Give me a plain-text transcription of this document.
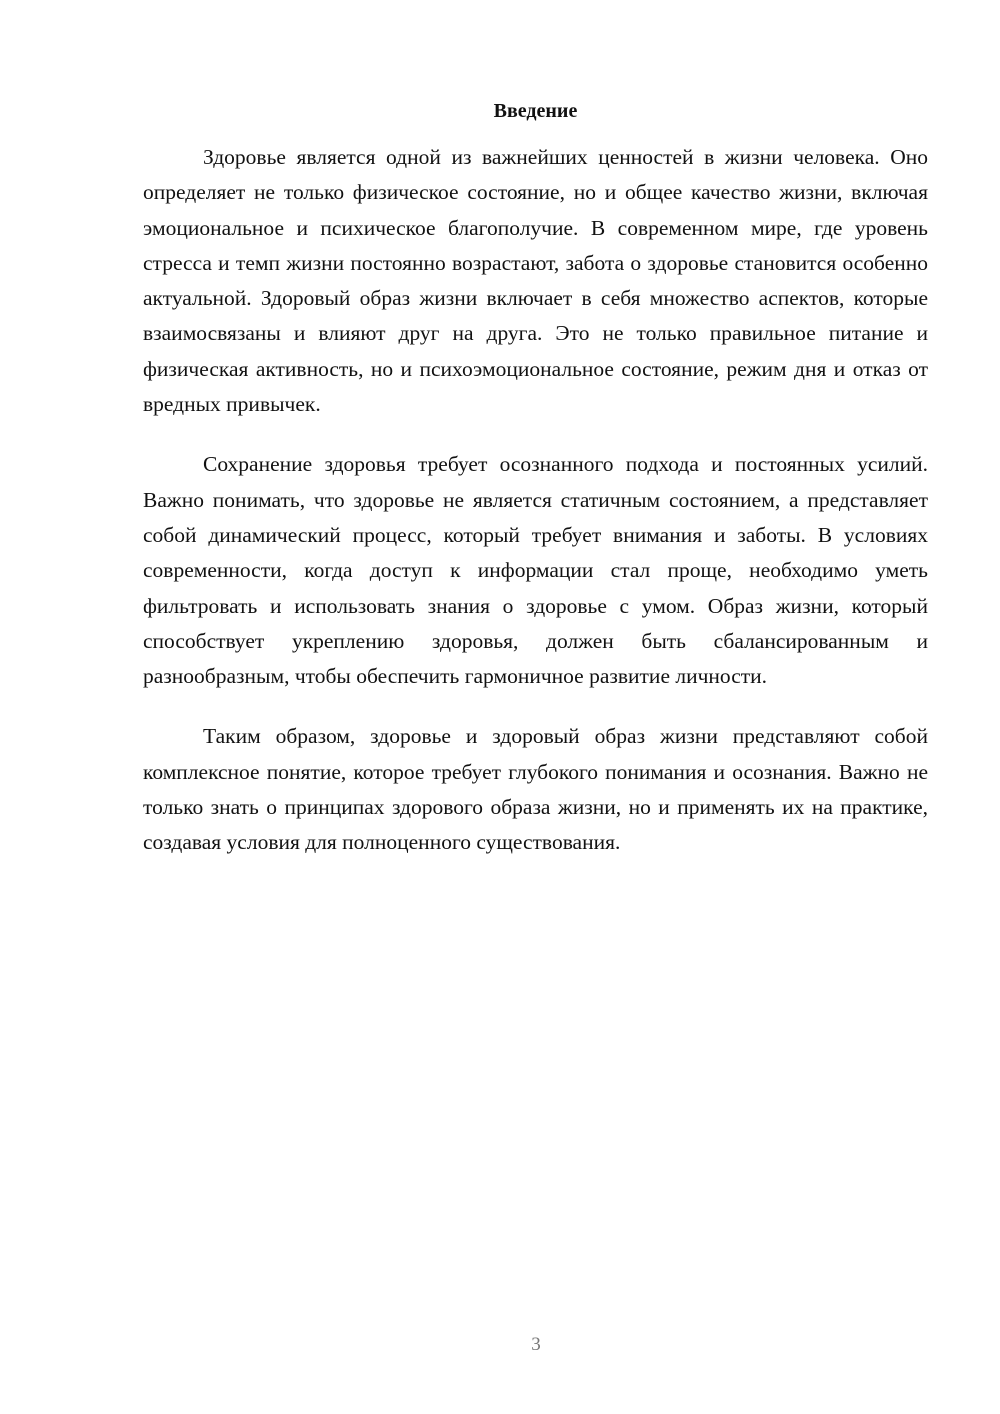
Введение

Здоровье является одной из важнейших ценностей в жизни человека. Оно определяет не только физическое состояние, но и общее качество жизни, включая эмоциональное и психическое благополучие. В современном мире, где уровень стресса и темп жизни постоянно возрастают, забота о здоровье становится особенно актуальной. Здоровый образ жизни включает в себя множество аспектов, которые взаимосвязаны и влияют друг на друга. Это не только правильное питание и физическая активность, но и психоэмоциональное состояние, режим дня и отказ от вредных привычек.

Сохранение здоровья требует осознанного подхода и постоянных усилий. Важно понимать, что здоровье не является статичным состоянием, а представляет собой динамический процесс, который требует внимания и заботы. В условиях современности, когда доступ к информации стал проще, необходимо уметь фильтровать и использовать знания о здоровье с умом. Образ жизни, который способствует укреплению здоровья, должен быть сбалансированным и разнообразным, чтобы обеспечить гармоничное развитие личности.

Таким образом, здоровье и здоровый образ жизни представляют собой комплексное понятие, которое требует глубокого понимания и осознания. Важно не только знать о принципах здорового образа жизни, но и применять их на практике, создавая условия для полноценного существования.

3
